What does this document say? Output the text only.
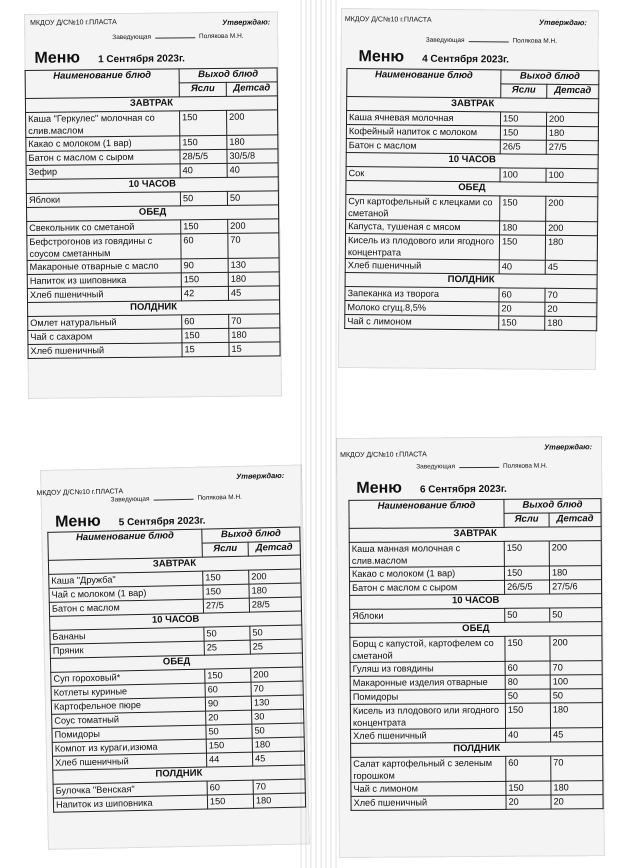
МКДОУ Д/С№10 г.ПЛАСТА	Утверждаю:
Заведующая	Полякова М.Н.
Меню 1 Сентября 2023г.
Наименование блюд	Выход блюд	
	Ясли	Детсад
ЗАВТРАК		
Каша "Геркулес" молочная со слив.маслом	150	200
Какао с молоком (1 вар)	150	180
Батон с маслом с сыром	28/5/5	30/5/8
Зефир	40	40
10 ЧАСОВ		
Яблоки	50	50
ОБЕД		
Свекольник со сметаной	150	200
Бефстрогонов из говядины с соусом сметанным	60	70
Макароные отварные с масло	90	130
Напиток из шиповника	150	180
Хлеб пшеничный	42	45
ПОЛДНИК		
Омлет натуральный	60	70
Чай с сахаром	150	180
Хлеб пшеничный	15	15
МКДОУ Д/С№10 г.ПЛАСТА	Утверждаю:
Заведующая	Полякова М.Н.
Меню 4 Сентября 2023г.
Наименование блюд	Выход блюд	
	Ясли	Детсад
ЗАВТРАК		
Каша ячневая молочная	150	200
Кофейный напиток с молоком	150	180
Батон с маслом	26/5	27/5
10 ЧАСОВ		
Сок	100	100
ОБЕД		
Суп картофельный с клецками со сметаной	150	200
Капуста, тушеная с мясом	180	200
Кисель из плодового или ягодного концентрата	150	180
Хлеб пшеничный	40	45
ПОЛДНИК		
Запеканка из творога	60	70
Молоко сгущ.8,5%	20	20
Чай с лимоном	150	180
МКДОУ Д/С№10 г.ПЛАСТА
Утверждаю:
Заведующая	Полякова М.Н.
Меню 5 Сентября 2023г.
Наименование блюд	Выход блюд	
	Ясли	Детсад
ЗАВТРАК		
Каша "Дружба"	150	200
Чай с молоком (1 вар)	150	180
Батон с маслом	27/5	28/5
10 ЧАСОВ		
Бананы	50	50
Пряник	25	25
ОБЕД		
Суп гороховый*	150	200
Котлеты куриные	60	70
Картофельное пюре	90	130
Соус томатный	20	30
Помидоры	50	50
Компот из кураги,изюма	150	180
Хлеб пшеничный	44	45
ПОЛДНИК		
Булочка "Венская"	60	70
Напиток из шиповника	150	180
МКДОУ Д/С№10 г.ПЛАСТА
Утверждаю:
Заведующая	Полякова М.Н.
Меню 6 Сентября 2023г.
Наименование блюд	Выход блюд	
	Ясли	Детсад
ЗАВТРАК		
Каша манная молочная с слив.маслом	150	200
Какао с молоком (1 вар)	150	180
Батон с маслом с сыром	26/5/5	27/5/6
10 ЧАСОВ		
Яблоки	50	50
ОБЕД		
Борщ с капустой, картофелем со сметаной	150	200
Гуляш из говядины	60	70
Макаронные изделия отварные	80	100
Помидоры	50	50
Кисель из плодового или ягодного концентрата	150	180
Хлеб пшеничный	40	45
ПОЛДНИК		
Салат картофельный с зеленым горошком	60	70
Чай с лимоном	150	180
Хлеб пшеничный	20	20
